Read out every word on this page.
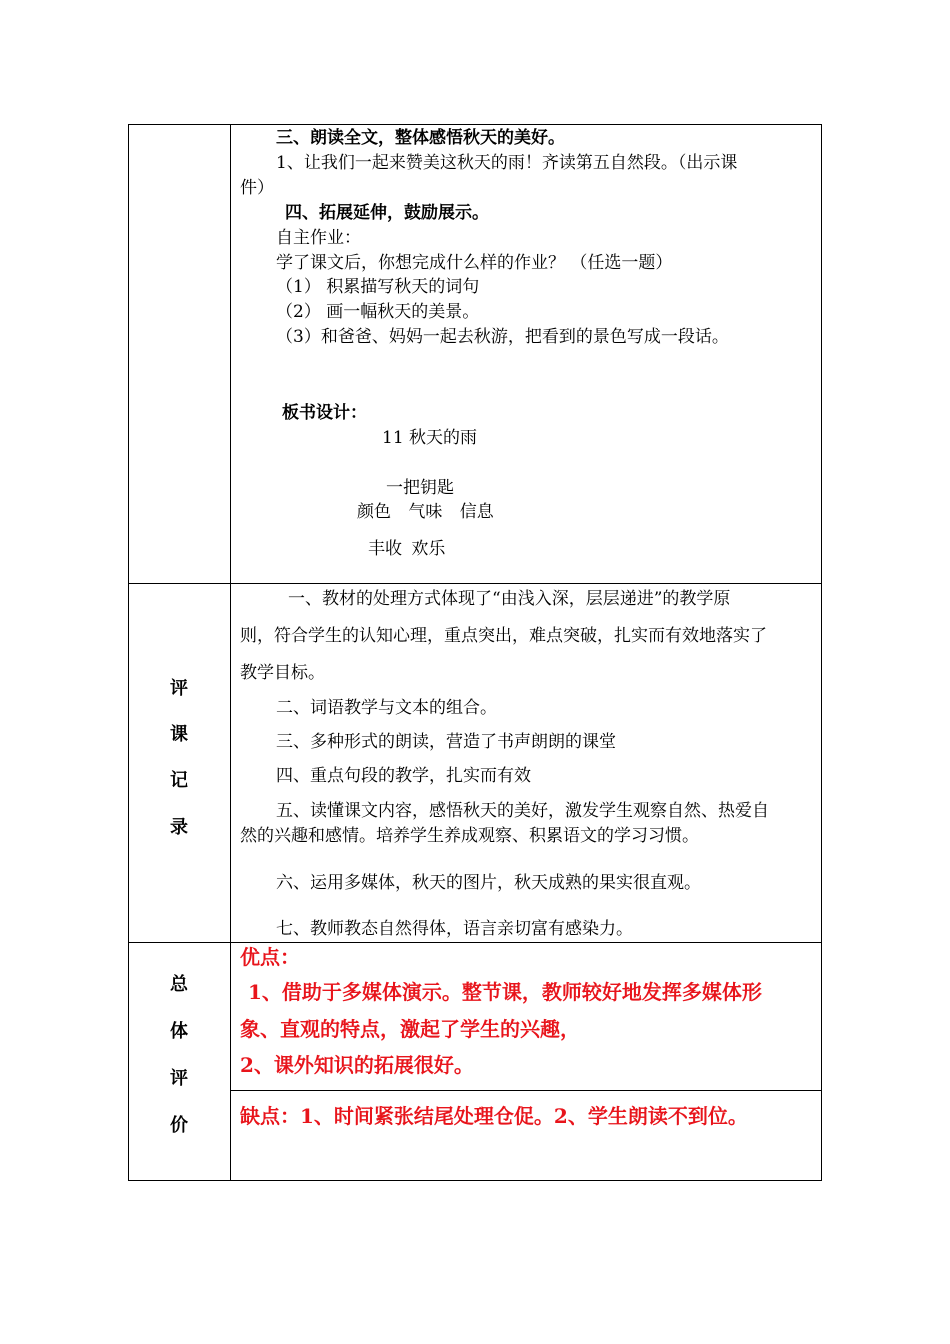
三、朗读全文，整体感悟秋天的美好。
1、让我们一起来赞美这秋天的雨！齐读第五自然段。（出示课
件）
四、拓展延伸，鼓励展示。
自主作业：
学了课文后，你想完成什么样的作业？ （任选一题）
（1） 积累描写秋天的词句
（2） 画一幅秋天的美景。
（3）和爸爸、妈妈一起去秋游，把看到的景色写成一段话。
板书设计：
11 秋天的雨
一把钥匙
颜色 气味 信息
丰收 欢乐
评
课
记
录
一、教材的处理方式体现了“由浅入深，层层递进”的教学原
则，符合学生的认知心理，重点突出，难点突破，扎实而有效地落实了
教学目标。
二、词语教学与文本的组合。
三、多种形式的朗读，营造了书声朗朗的课堂
四、重点句段的教学，扎实而有效
五、读懂课文内容，感悟秋天的美好，激发学生观察自然、热爱自
然的兴趣和感情。培养学生养成观察、积累语文的学习习惯。
六、运用多媒体，秋天的图片，秋天成熟的果实很直观。
七、教师教态自然得体，语言亲切富有感染力。
总
体
评
价
优点：
1、借助于多媒体演示。整节课，教师较好地发挥多媒体形
象、直观的特点，激起了学生的兴趣，
2、课外知识的拓展很好。
缺点：1、时间紧张结尾处理仓促。2、学生朗读不到位。
